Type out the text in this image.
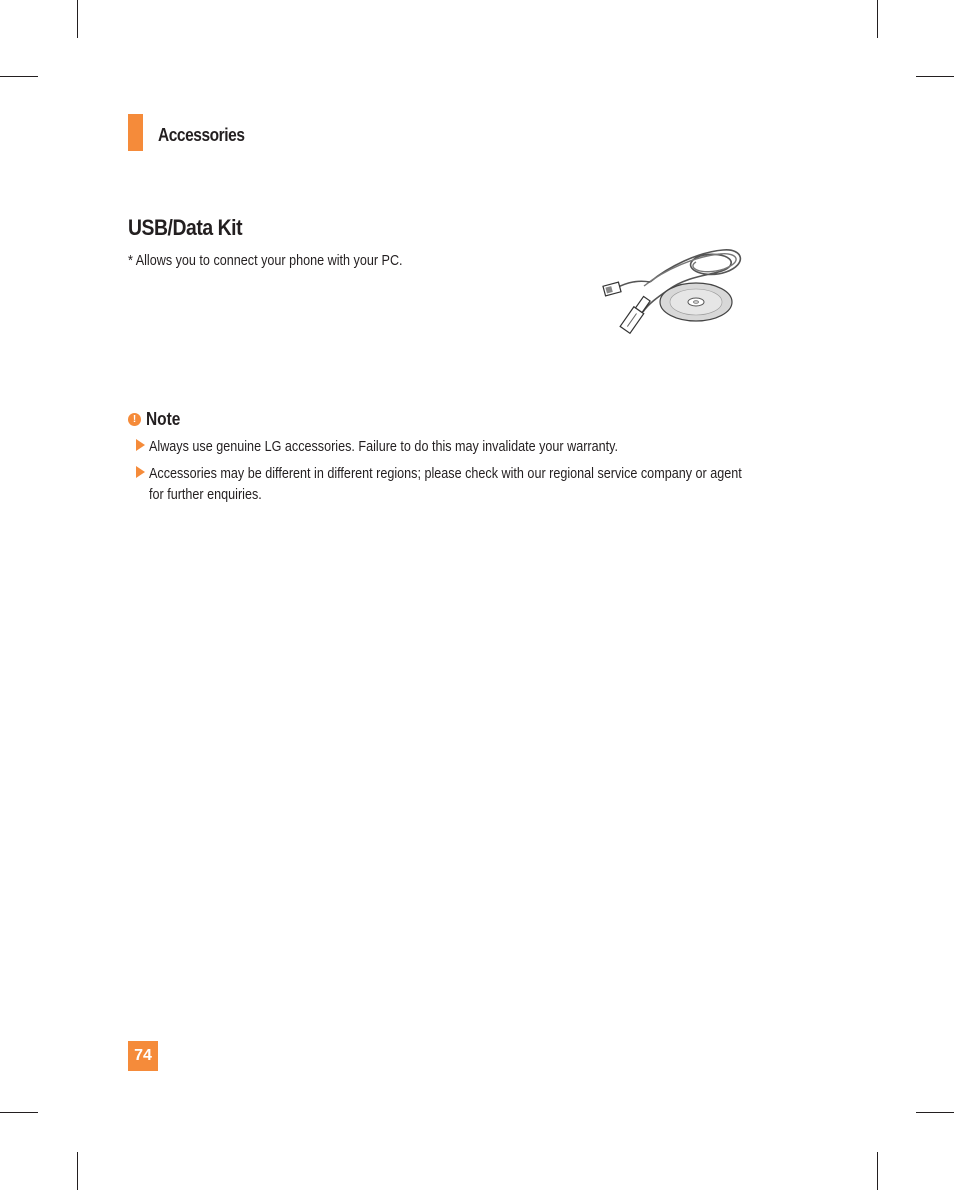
Accessories
USB/Data Kit
* Allows you to connect your phone with your PC.
! Note
Always use genuine LG accessories. Failure to do this may invalidate your warranty.
Accessories may be different in different regions; please check with our regional service company or agent
for further enquiries.
74
